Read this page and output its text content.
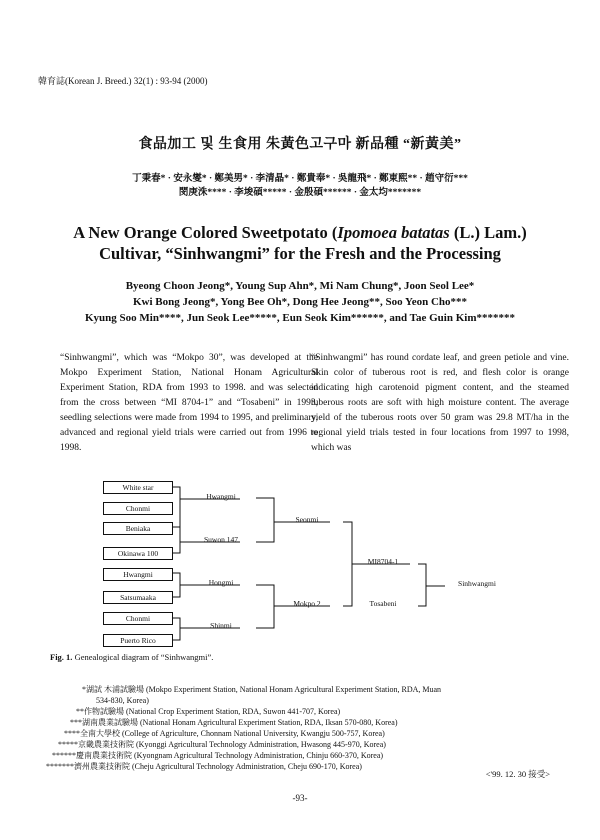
韓育誌(Korean J. Breed.) 32(1) : 93-94 (2000)
食品加工 및 生食用 朱黃色고구마 新品種 “新黃美”
丁秉春* · 安永燮* · 鄭美男* · 李清晶* · 鄭貴奉* · 吳龍飛* · 鄭東熙** · 趙守衍***
閔庚洙**** · 李埈碩***** · 金殷碩****** · 金太均*******
A New Orange Colored Sweetpotato (Ipomoea batatas (L.) Lam.)
Cultivar, “Sinhwangmi” for the Fresh and the Processing
Byeong Choon Jeong*, Young Sup Ahn*, Mi Nam Chung*, Joon Seol Lee*
Kwi Bong Jeong*, Yong Bee Oh*, Dong Hee Jeong**, Soo Yeon Cho***
Kyung Soo Min****, Jun Seok Lee*****, Eun Seok Kim******, and Tae Guin Kim*******
“Sinhwangmi”, which was “Mokpo 30”, was developed at the Mokpo Experiment Station, National Honam Agricultural Experiment Station, RDA from 1993 to 1998. and was selected from the cross between “MI 8704-1” and “Tosabeni” in 1993, seedling selections were made from 1994 to 1995, and preliminary, advanced and regional yield trials were carried out from 1996 to 1998.
“Sinhwangmi” has round cordate leaf, and green petiole and vine. Skin color of tuberous root is red, and flesh color is orange indicating high carotenoid pigment content, and the steamed tuberous roots are soft with high moisture content. The average yield of the tuberous roots over 50 gram was 29.8 MT/ha in the regional yield trials tested in four locations from 1997 to 1998, which was
White star
Chonmi
Beniaka
Okinawa 100
Hwangmi
Satsumaaka
Chonmi
Puerto Rico
Hwangmi
Suwon 147
Hongmi
Shinmi
Seonmi
Mokpo 2
MI8704-1
Tosabeni
Sinhwangmi
Fig. 1. Genealogical diagram of “Sinhwangmi”.
*湖試 木浦試驗場 (Mokpo Experiment Station, National Honam Agricultural Experiment Station, RDA, Muan
534-830, Korea)
**作物試驗場 (National Crop Experiment Station, RDA, Suwon 441-707, Korea)
***湖南農業試驗場 (National Honam Agricultural Experiment Station, RDA, Iksan 570-080, Korea)
****全南大學校 (College of Agriculture, Chonnam National University, Kwangju 500-757, Korea)
*****京畿農業技術院 (Kyonggi Agricultural Technology Administration, Hwasong 445-970, Korea)
******慶南農業技術院 (Kyongnam Agricultural Technology Administration, Chinju 660-370, Korea)
*******濟州農業技術院 (Cheju Agricultural Technology Administration, Cheju 690-170, Korea)
<'99. 12. 30 接受>
-93-
